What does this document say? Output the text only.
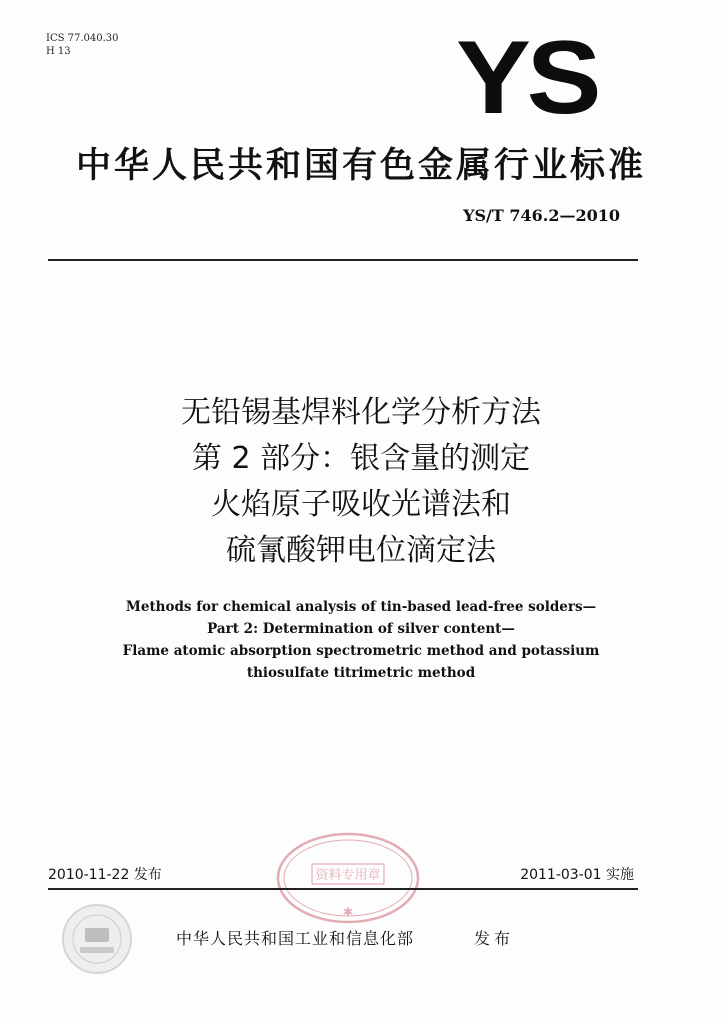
ICS 77.040.30
H 13	YS
中华人民共和国有色金属行业标准
YS/T 746.2—2010
无铅锡基焊料化学分析方法
第 2 部分：银含量的测定
火焰原子吸收光谱法和
硫氰酸钾电位滴定法
Methods for chemical analysis of tin-based lead-free solders—
Part 2: Determination of silver content—
Flame atomic absorption spectrometric method and potassium
thiosulfate titrimetric method
✱
资料专用章
2010-11-22 发布	2011-03-01 实施
中华人民共和国工业和信息化部	发布
